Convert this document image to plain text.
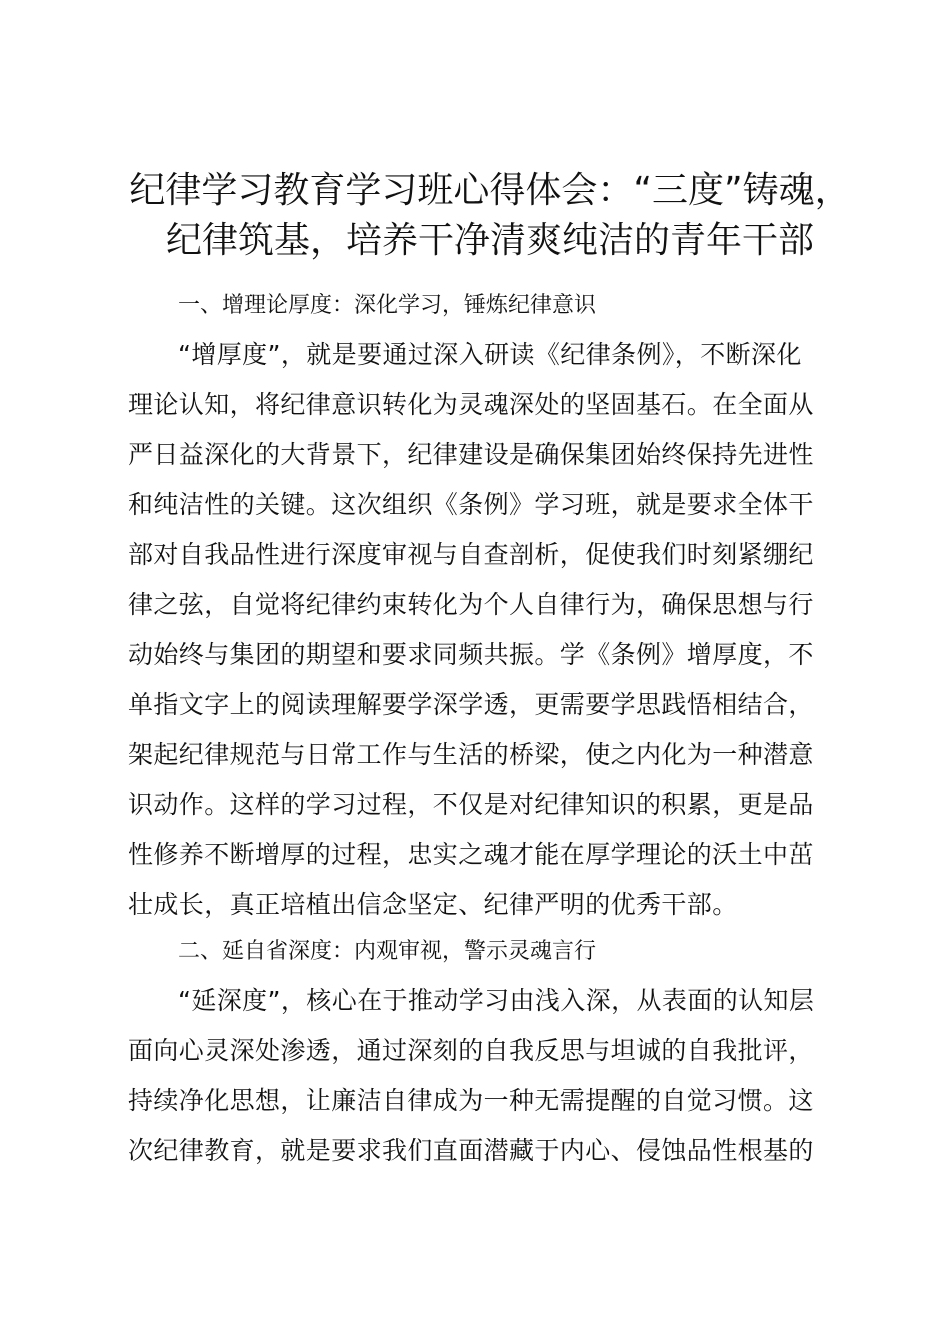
纪律学习教育学习班心得体会：“三度”铸魂，
纪律筑基，培养干净清爽纯洁的青年干部
一、增理论厚度：深化学习，锤炼纪律意识
“增厚度”，就是要通过深入研读《纪律条例》，不断深化
理论认知，将纪律意识转化为灵魂深处的坚固基石。在全面从
严日益深化的大背景下，纪律建设是确保集团始终保持先进性
和纯洁性的关键。这次组织《条例》学习班，就是要求全体干
部对自我品性进行深度审视与自查剖析，促使我们时刻紧绷纪
律之弦，自觉将纪律约束转化为个人自律行为，确保思想与行
动始终与集团的期望和要求同频共振。学《条例》增厚度，不
单指文字上的阅读理解要学深学透，更需要学思践悟相结合，
架起纪律规范与日常工作与生活的桥梁，使之内化为一种潜意
识动作。这样的学习过程，不仅是对纪律知识的积累，更是品
性修养不断增厚的过程，忠实之魂才能在厚学理论的沃土中茁
壮成长，真正培植出信念坚定、纪律严明的优秀干部。
二、延自省深度：内观审视，警示灵魂言行
“延深度”，核心在于推动学习由浅入深，从表面的认知层
面向心灵深处渗透，通过深刻的自我反思与坦诚的自我批评，
持续净化思想，让廉洁自律成为一种无需提醒的自觉习惯。这
次纪律教育，就是要求我们直面潜藏于内心、侵蚀品性根基的
